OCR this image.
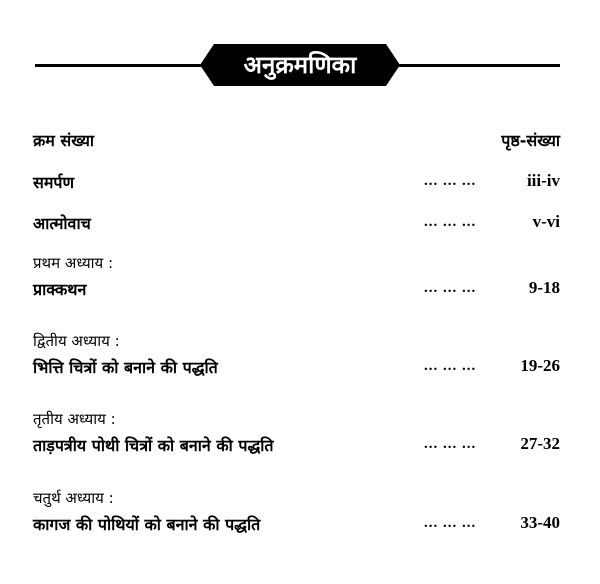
अनुक्रमणिका
क्रम संख्या	पृष्ठ-संख्या
समर्पण	... ... ...	iii-iv
आत्मोवाच	... ... ...	v-vi
प्रथम अध्याय :
प्राक्कथन	... ... ...	9-18
द्वितीय अध्याय :
भित्ति चित्रों को बनाने की पद्धति	... ... ...	19-26
तृतीय अध्याय :
ताड़पत्रीय पोथी चित्रों को बनाने की पद्धति	... ... ...	27-32
चतुर्थ अध्याय :
कागज की पोथियों को बनाने की पद्धति	... ... ...	33-40
